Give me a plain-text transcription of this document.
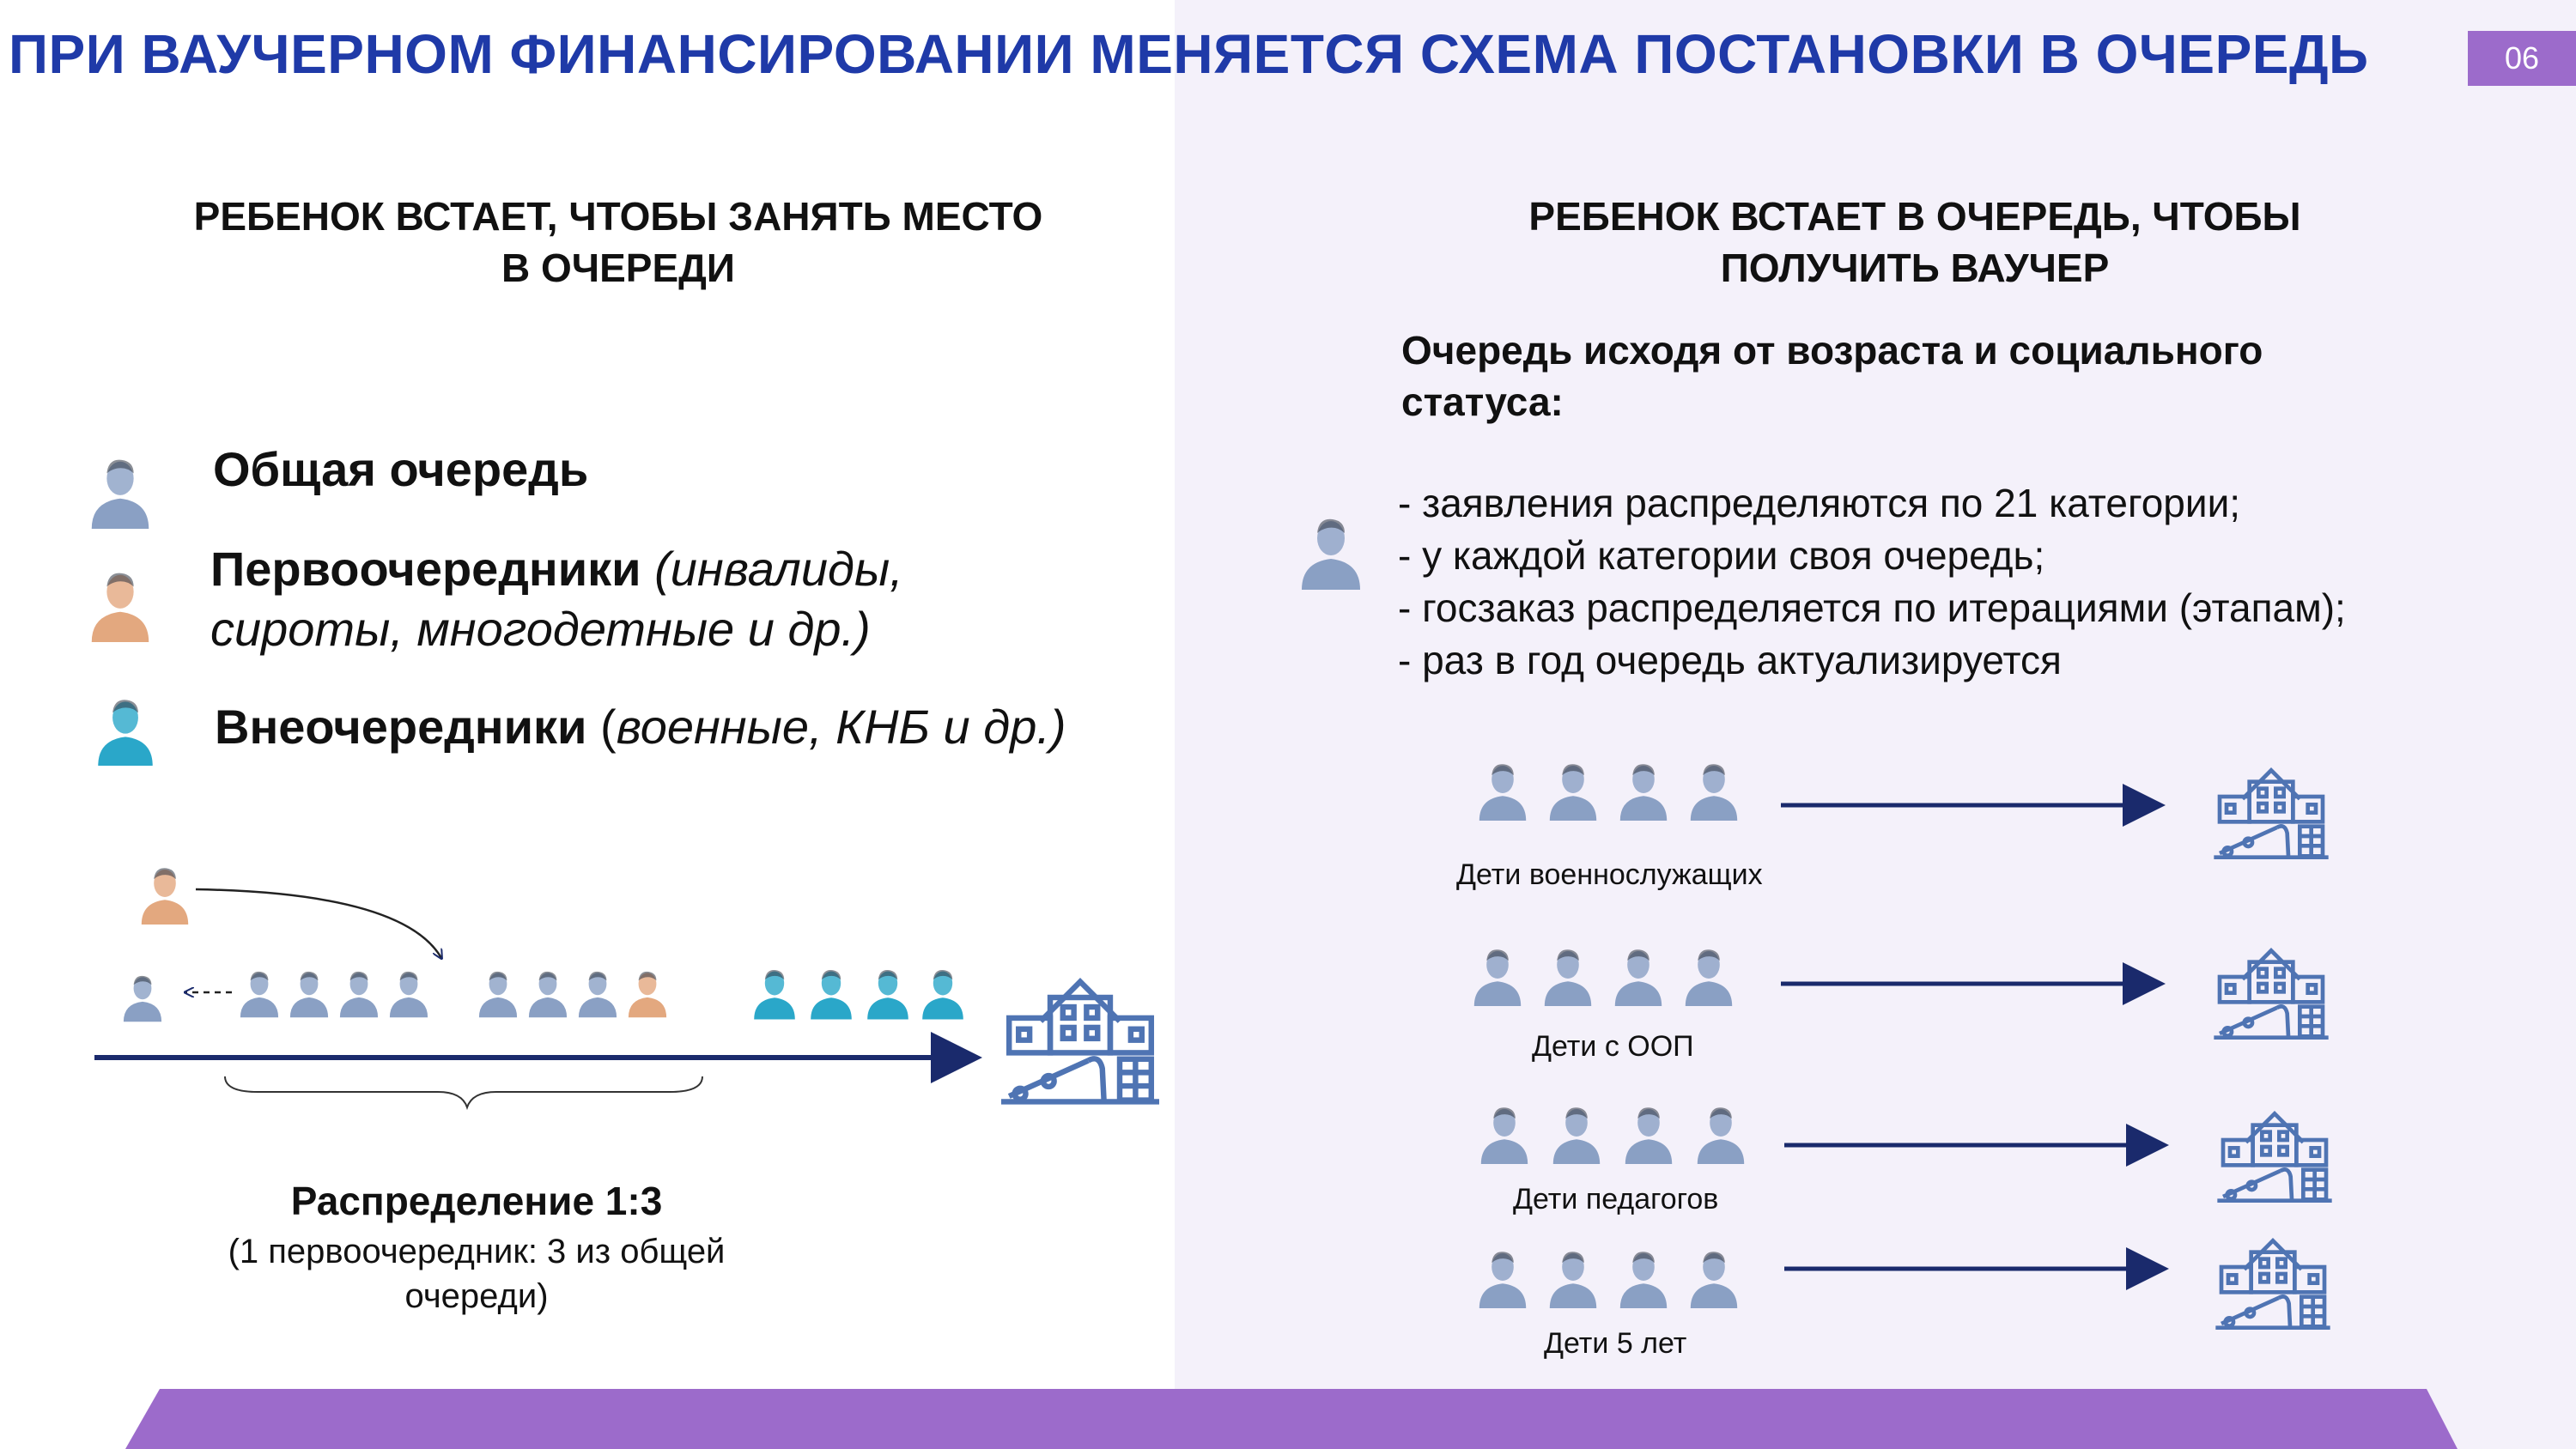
ПРИ ВАУЧЕРНОМ ФИНАНСИРОВАНИИ МЕНЯЕТСЯ СХЕМА ПОСТАНОВКИ В ОЧЕРЕДЬ	06
РЕБЕНОК ВСТАЕТ, ЧТОБЫ ЗАНЯТЬ МЕСТО
В ОЧЕРЕДИ
Общая очередь
Первоочередники (инвалиды,
сироты, многодетные и др.)
Внеочередники (военные, КНБ и др.)
Распределение 1:3
(1 первоочередник: 3 из общей
очереди)
РЕБЕНОК ВСТАЕТ В ОЧЕРЕДЬ, ЧТОБЫ
ПОЛУЧИТЬ ВАУЧЕР
Очередь исходя от возраста и социального
статуса:
- заявления распределяются по 21 категории;
- у каждой категории своя очередь;
- госзаказ распределяется по итерациями (этапам);
- раз в год очередь актуализируется
Дети военнослужащих
Дети с ООП
Дети педагогов
Дети 5 лет
